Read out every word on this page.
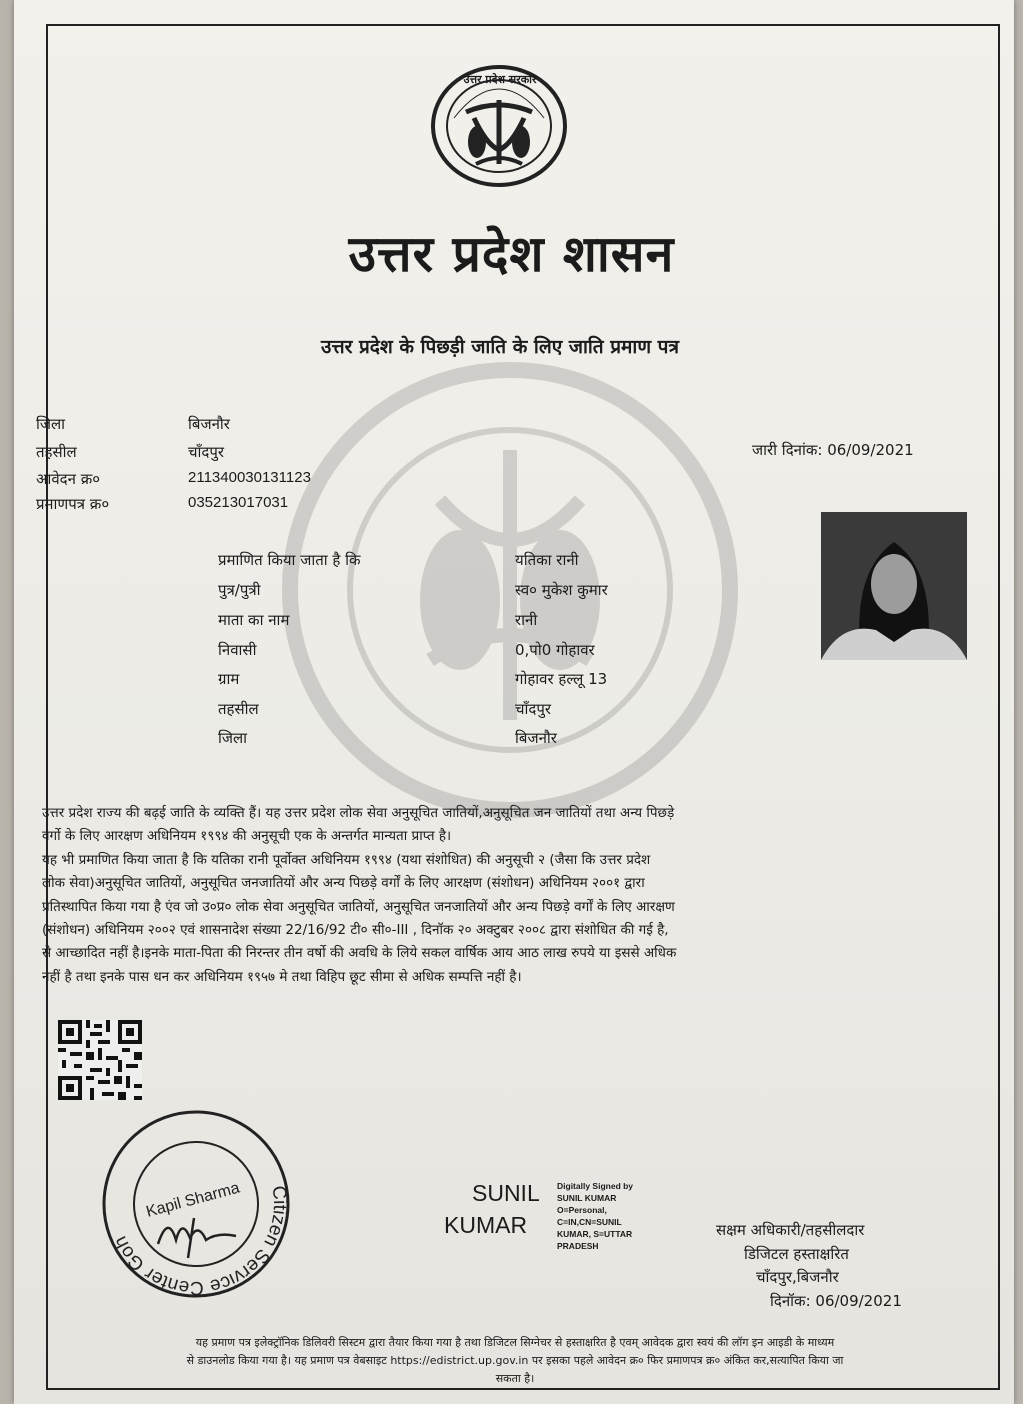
उत्तर प्रदेश सरकार
उत्तर प्रदेश शासन
उत्तर प्रदेश के पिछड़ी जाति के लिए जाति प्रमाण पत्र
जिला	बिजनौर
तहसील	चाँदपुर
आवेदन क्र०	211340030131123
प्रमाणपत्र क्र०	035213017031
जारी दिनांक: 06/09/2021
प्रमाणित किया जाता है कि	यतिका रानी
पुत्र/पुत्री	स्व० मुकेश कुमार
माता का नाम	रानी
निवासी	0,पो0 गोहावर
ग्राम	गोहावर हल्लू 13
तहसील	चाँदपुर
जिला	बिजनौर
उत्तर प्रदेश राज्य की बढ़ई जाति के व्यक्ति हैं। यह उत्तर प्रदेश लोक सेवा अनुसूचित जातियों,अनुसूचित जन जातियों तथा अन्य पिछड़े
वर्गो के लिए आरक्षण अधिनियम १९९४ की अनुसूची एक के अन्तर्गत मान्यता प्राप्त है।
यह भी प्रमाणित किया जाता है कि यतिका रानी पूर्वोक्त अधिनियम १९९४ (यथा संशोधित) की अनुसूची २ (जैसा कि उत्तर प्रदेश
लोक सेवा)अनुसूचित जातियों, अनुसूचित जनजातियों और अन्य पिछड़े वर्गों के लिए आरक्षण (संशोधन) अधिनियम २००१ द्वारा
प्रतिस्थापित किया गया है एंव जो उ०प्र० लोक सेवा अनुसूचित जातियों, अनुसूचित जनजातियों और अन्य पिछड़े वर्गों के लिए आरक्षण
(संशोधन) अधिनियम २००२ एवं शासनादेश संख्या 22/16/92 टी० सी०-III , दिनॉक २० अक्टुबर २००८ द्वारा संशोधित की गई है,
से आच्छादित नहीं है।इनके माता-पिता की निरन्तर तीन वर्षो की अवधि के लिये सकल वार्षिक आय आठ लाख रुपये या इससे अधिक
नहीं है तथा इनके पास धन कर अधिनियम १९५७ मे तथा विहिप छूट सीमा से अधिक सम्पत्ति नहीं है।
Citizen Service Center Gohawar
Kapil Sharma	SUNIL
KUMAR
Digitally Signed by
SUNIL KUMAR
O=Personal,
C=IN,CN=SUNIL
KUMAR, S=UTTAR
PRADESH
सक्षम अधिकारी/तहसीलदार
डिजिटल हस्ताक्षरित
चाँदपुर,बिजनौर
दिनॉक: 06/09/2021
यह प्रमाण पत्र इलेक्ट्रॉनिक डिलिवरी सिस्टम द्वारा तैयार किया गया है तथा डिजिटल सिग्नेचर से हस्ताक्षरित है एवम् आवेदक द्वारा स्वयं की लॉग इन आइडी के माध्यम
से डाउनलोड किया गया है। यह प्रमाण पत्र वेबसाइट https://edistrict.up.gov.in पर इसका पहले आवेदन क्र० फिर प्रमाणपत्र क्र० अंकित कर,सत्यापित किया जा
सकता है।
